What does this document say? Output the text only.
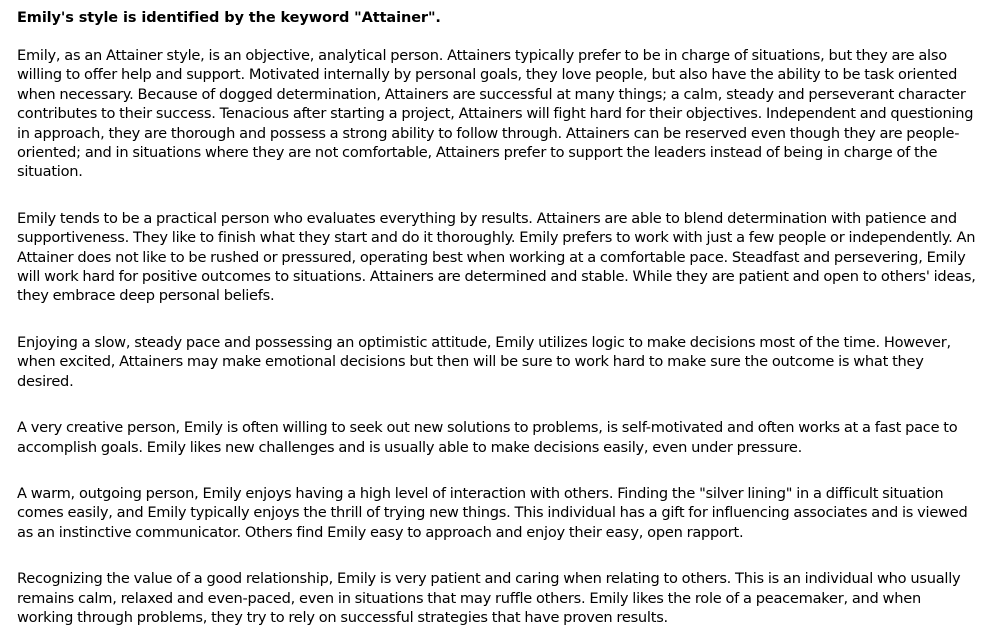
Emily's style is identified by the keyword "Attainer".

Emily, as an Attainer style, is an objective, analytical person. Attainers typically prefer to be in charge of situations, but they are also willing to offer help and support. Motivated internally by personal goals, they love people, but also have the ability to be task oriented when necessary. Because of dogged determination, Attainers are successful at many things; a calm, steady and perseverant character contributes to their success. Tenacious after starting a project, Attainers will fight hard for their objectives. Independent and questioning in approach, they are thorough and possess a strong ability to follow through. Attainers can be reserved even though they are people-oriented; and in situations where they are not comfortable, Attainers prefer to support the leaders instead of being in charge of the situation.

Emily tends to be a practical person who evaluates everything by results. Attainers are able to blend determination with patience and supportiveness. They like to finish what they start and do it thoroughly. Emily prefers to work with just a few people or independently. An Attainer does not like to be rushed or pressured, operating best when working at a comfortable pace. Steadfast and persevering, Emily will work hard for positive outcomes to situations. Attainers are determined and stable. While they are patient and open to others' ideas, they embrace deep personal beliefs.

Enjoying a slow, steady pace and possessing an optimistic attitude, Emily utilizes logic to make decisions most of the time. However, when excited, Attainers may make emotional decisions but then will be sure to work hard to make sure the outcome is what they desired.

A very creative person, Emily is often willing to seek out new solutions to problems, is self-motivated and often works at a fast pace to accomplish goals. Emily likes new challenges and is usually able to make decisions easily, even under pressure.

A warm, outgoing person, Emily enjoys having a high level of interaction with others. Finding the "silver lining" in a difficult situation comes easily, and Emily typically enjoys the thrill of trying new things. This individual has a gift for influencing associates and is viewed as an instinctive communicator. Others find Emily easy to approach and enjoy their easy, open rapport.

Recognizing the value of a good relationship, Emily is very patient and caring when relating to others. This is an individual who usually remains calm, relaxed and even-paced, even in situations that may ruffle others. Emily likes the role of a peacemaker, and when working through problems, they try to rely on successful strategies that have proven results.
